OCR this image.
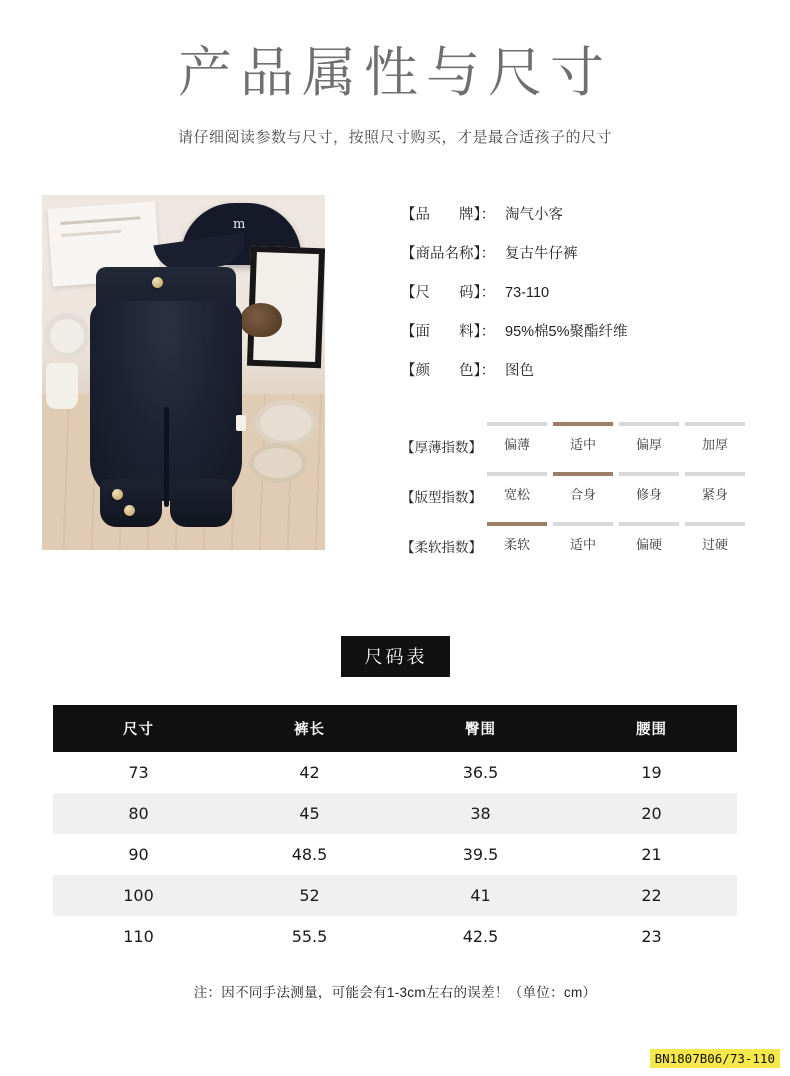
产品属性与尺寸
请仔细阅读参数与尺寸，按照尺寸购买，才是最合适孩子的尺寸
m
【品　　牌】： 淘气小客
【商品名称】： 复古牛仔裤
【尺　　码】： 73-110
【面　　料】： 95%棉5%聚酯纤维
【颜　　色】： 图色
【厚薄指数】	偏薄	适中	偏厚	加厚
【版型指数】	宽松	合身	修身	紧身
【柔软指数】	柔软	适中	偏硬	过硬
尺码表
尺寸	裤长	臀围	腰围
73	42	36.5	19
80	45	38	20
90	48.5	39.5	21
100	52	41	22
110	55.5	42.5	23
注：因不同手法测量，可能会有1-3cm左右的误差！（单位：cm）
BN1807B06/73-110
